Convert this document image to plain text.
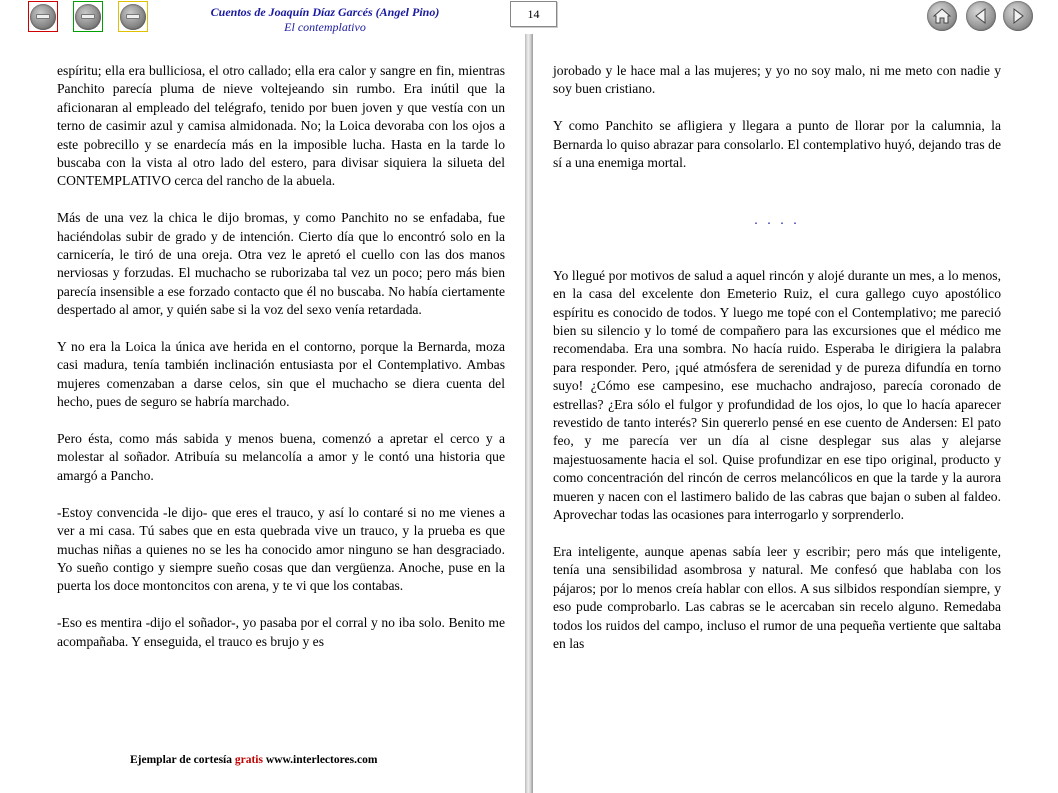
Cuentos de Joaquín Díaz Garcés (Angel Pino)
El contemplativo
14

espíritu; ella era bulliciosa, el otro callado; ella era calor y sangre en fin, mientras Panchito parecía pluma de nieve voltejeando sin rumbo. Era inútil que la aficionaran al empleado del telégrafo, tenido por buen joven y que vestía con un terno de casimir azul y camisa almidonada. No; la Loica devoraba con los ojos a este pobrecillo y se enardecía más en la imposible lucha. Hasta en la tarde lo buscaba con la vista al otro lado del estero, para divisar siquiera la silueta del CONTEMPLATIVO cerca del rancho de la abuela.

Más de una vez la chica le dijo bromas, y como Panchito no se enfadaba, fue haciéndolas subir de grado y de intención. Cierto día que lo encontró solo en la carnicería, le tiró de una oreja. Otra vez le apretó el cuello con las dos manos nerviosas y forzudas. El muchacho se ruborizaba tal vez un poco; pero más bien parecía insensible a ese forzado contacto que él no buscaba. No había ciertamente despertado al amor, y quién sabe si la voz del sexo venía retardada.

Y no era la Loica la única ave herida en el contorno, porque la Bernarda, moza casi madura, tenía también inclinación entusiasta por el Contemplativo. Ambas mujeres comenzaban a darse celos, sin que el muchacho se diera cuenta del hecho, pues de seguro se habría marchado.

Pero ésta, como más sabida y menos buena, comenzó a apretar el cerco y a molestar al soñador. Atribuía su melancolía a amor y le contó una historia que amargó a Pancho.

-Estoy convencida -le dijo- que eres el trauco, y así lo contaré si no me vienes a ver a mi casa. Tú sabes que en esta quebrada vive un trauco, y la prueba es que muchas niñas a quienes no se les ha conocido amor ninguno se han desgraciado. Yo sueño contigo y siempre sueño cosas que dan vergüenza. Anoche, puse en la puerta los doce montoncitos con arena, y te vi que los contabas.

-Eso es mentira -dijo el soñador-, yo pasaba por el corral y no iba solo. Benito me acompañaba. Y enseguida, el trauco es brujo y es

jorobado y le hace mal a las mujeres; y yo no soy malo, ni me meto con nadie y soy buen cristiano.

Y como Panchito se afligiera y llegara a punto de llorar por la calumnia, la Bernarda lo quiso abrazar para consolarlo. El contemplativo huyó, dejando tras de sí a una enemiga mortal.

. . . .

Yo llegué por motivos de salud a aquel rincón y alojé durante un mes, a lo menos, en la casa del excelente don Emeterio Ruiz, el cura gallego cuyo apostólico espíritu es conocido de todos. Y luego me topé con el Contemplativo; me pareció bien su silencio y lo tomé de compañero para las excursiones que el médico me recomendaba. Era una sombra. No hacía ruido. Esperaba le dirigiera la palabra para responder. Pero, ¡qué atmósfera de serenidad y de pureza difundía en torno suyo! ¿Cómo ese campesino, ese muchacho andrajoso, parecía coronado de estrellas? ¿Era sólo el fulgor y profundidad de los ojos, lo que lo hacía aparecer revestido de tanto interés? Sin quererlo pensé en ese cuento de Andersen: El pato feo, y me parecía ver un día al cisne desplegar sus alas y alejarse majestuosamente hacia el sol. Quise profundizar en ese tipo original, producto y como concentración del rincón de cerros melancólicos en que la tarde y la aurora mueren y nacen con el lastimero balido de las cabras que bajan o suben al faldeo. Aprovechar todas las ocasiones para interrogarlo y sorprenderlo.

Era inteligente, aunque apenas sabía leer y escribir; pero más que inteligente, tenía una sensibilidad asombrosa y natural. Me confesó que hablaba con los pájaros; por lo menos creía hablar con ellos. A sus silbidos respondían siempre, y eso pude comprobarlo. Las cabras se le acercaban sin recelo alguno. Remedaba todos los ruidos del campo, incluso el rumor de una pequeña vertiente que saltaba en las

Ejemplar de cortesía gratis www.interlectores.com
